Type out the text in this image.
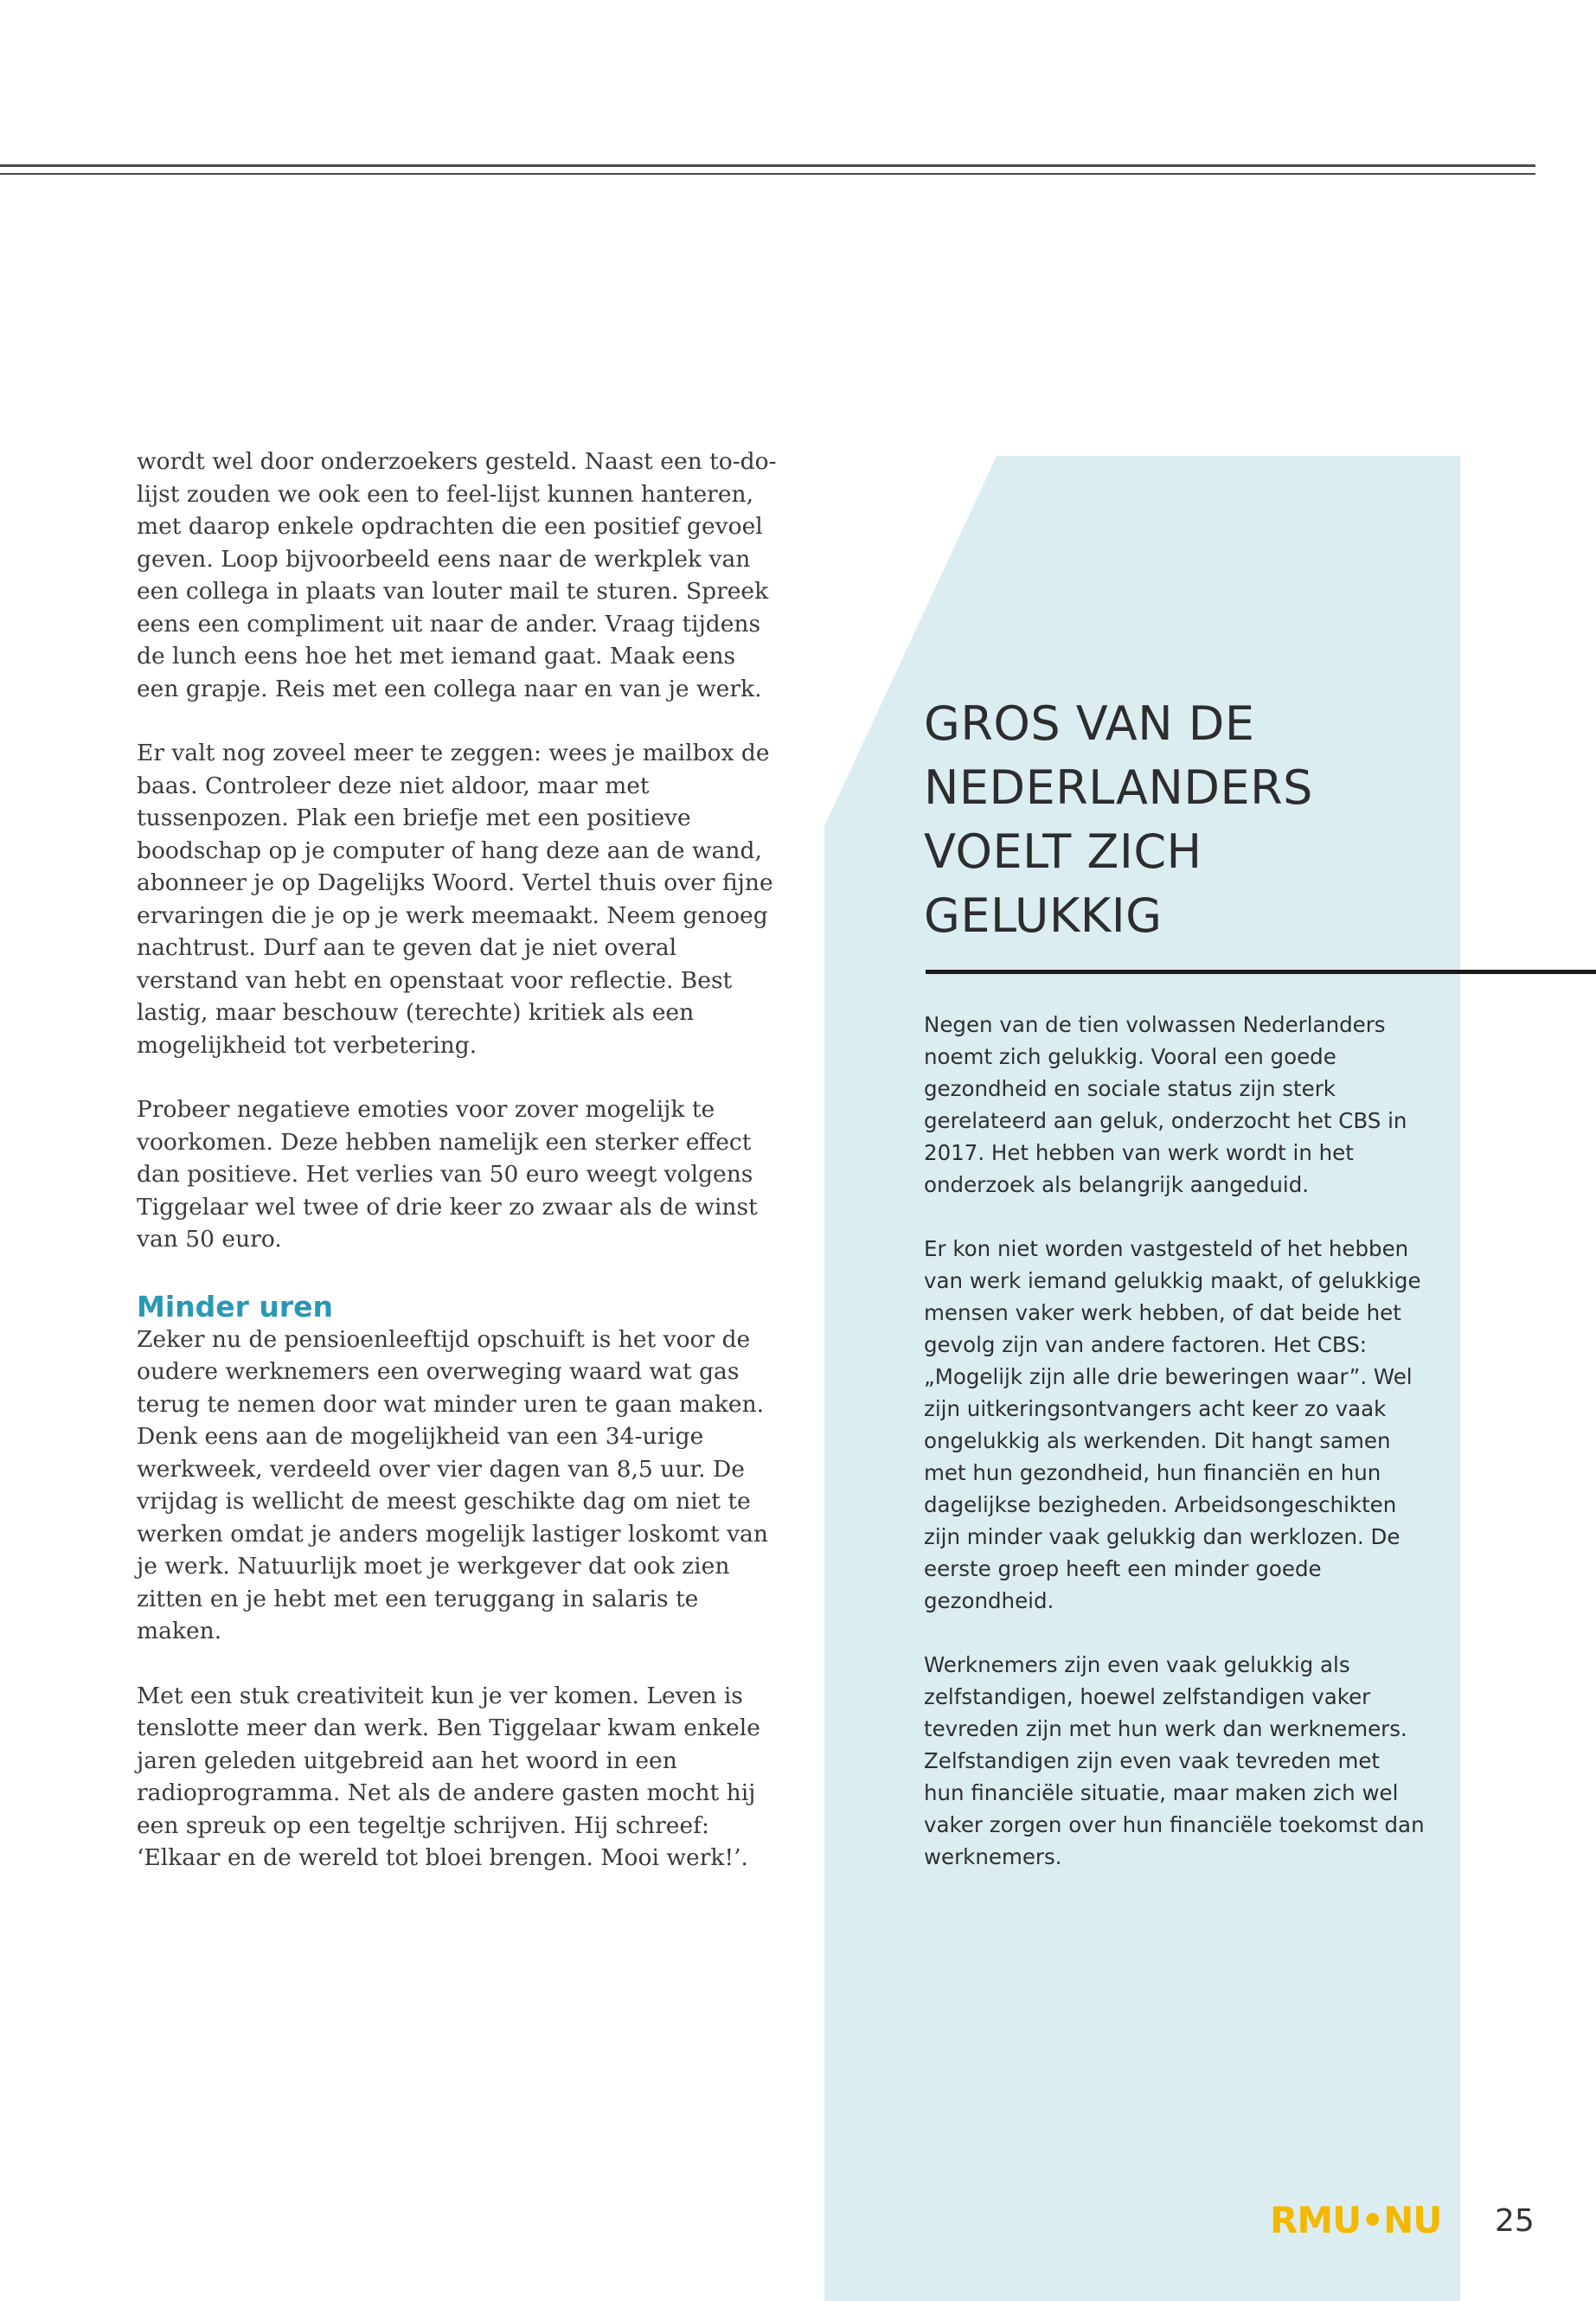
wordt wel door onderzoekers gesteld. Naast een to-do-lijst zouden we ook een to feel-lijst kunnen hanteren, met daarop enkele opdrachten die een positief gevoel geven. Loop bijvoorbeeld eens naar de werkplek van een collega in plaats van louter mail te sturen. Spreek eens een compliment uit naar de ander. Vraag tijdens de lunch eens hoe het met iemand gaat. Maak eens een grapje. Reis met een collega naar en van je werk.

Er valt nog zoveel meer te zeggen: wees je mailbox de baas. Controleer deze niet aldoor, maar met tussenpozen. Plak een briefje met een positieve boodschap op je computer of hang deze aan de wand, abonneer je op Dagelijks Woord. Vertel thuis over fijne ervaringen die je op je werk meemaakt. Neem genoeg nachtrust. Durf aan te geven dat je niet overal verstand van hebt en openstaat voor reflectie. Best lastig, maar beschouw (terechte) kritiek als een mogelijkheid tot verbetering.

Probeer negatieve emoties voor zover mogelijk te voorkomen. Deze hebben namelijk een sterker effect dan positieve. Het verlies van 50 euro weegt volgens Tiggelaar wel twee of drie keer zo zwaar als de winst van 50 euro.

Minder uren

Zeker nu de pensioenleeftijd opschuift is het voor de oudere werknemers een overweging waard wat gas terug te nemen door wat minder uren te gaan maken. Denk eens aan de mogelijkheid van een 34-urige werkweek, verdeeld over vier dagen van 8,5 uur. De vrijdag is wellicht de meest geschikte dag om niet te werken omdat je anders mogelijk lastiger loskomt van je werk. Natuurlijk moet je werkgever dat ook zien zitten en je hebt met een teruggang in salaris te maken.

Met een stuk creativiteit kun je ver komen. Leven is tenslotte meer dan werk. Ben Tiggelaar kwam enkele jaren geleden uitgebreid aan het woord in een radioprogramma. Net als de andere gasten mocht hij een spreuk op een tegeltje schrijven. Hij schreef: ‘Elkaar en de wereld tot bloei brengen. Mooi werk!’.

GROS VAN DE
NEDERLANDERS
VOELT ZICH
GELUKKIG

Negen van de tien volwassen Nederlanders noemt zich gelukkig. Vooral een goede gezondheid en sociale status zijn sterk gerelateerd aan geluk, onderzocht het CBS in 2017. Het hebben van werk wordt in het onderzoek als belangrijk aangeduid.

Er kon niet worden vastgesteld of het hebben van werk iemand gelukkig maakt, of gelukkige mensen vaker werk hebben, of dat beide het gevolg zijn van andere factoren. Het CBS: „Mogelijk zijn alle drie beweringen waar”. Wel zijn uitkeringsontvangers acht keer zo vaak ongelukkig als werkenden. Dit hangt samen met hun gezondheid, hun financiën en hun dagelijkse bezigheden. Arbeidsongeschikten zijn minder vaak gelukkig dan werklozen. De eerste groep heeft een minder goede gezondheid.

Werknemers zijn even vaak gelukkig als zelfstandigen, hoewel zelfstandigen vaker tevreden zijn met hun werk dan werknemers. Zelfstandigen zijn even vaak tevreden met hun financiële situatie, maar maken zich wel vaker zorgen over hun financiële toekomst dan werknemers.

RMU•NU 25
